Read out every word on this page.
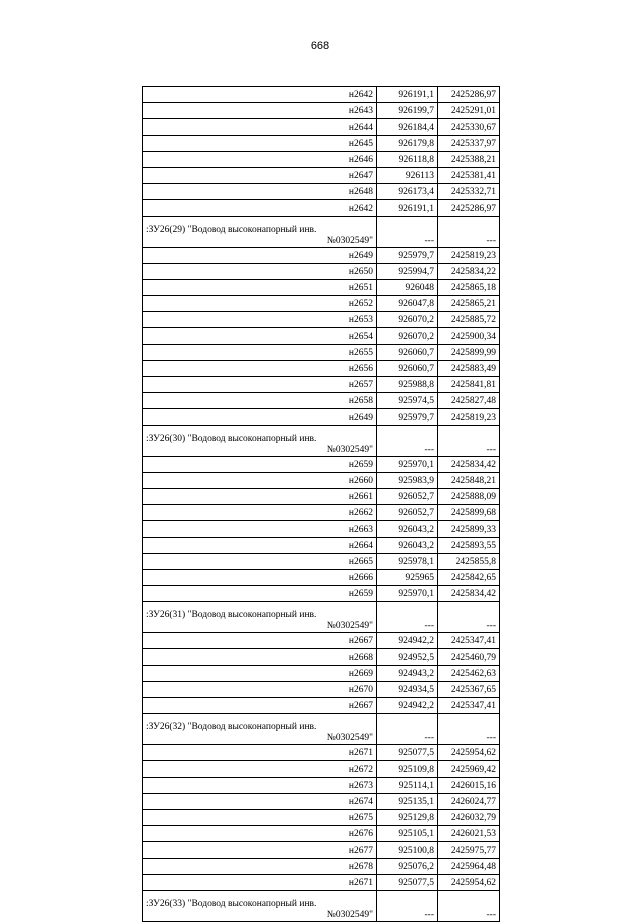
668
н2642	926191,1	2425286,97
н2643	926199,7	2425291,01
н2644	926184,4	2425330,67
н2645	926179,8	2425337,97
н2646	926118,8	2425388,21
н2647	926113	2425381,41
н2648	926173,4	2425332,71
н2642	926191,1	2425286,97

:ЗУ26(29) "Водовод высоконапорный инв.
№0302549"	---	---
н2649	925979,7	2425819,23
н2650	925994,7	2425834,22
н2651	926048	2425865,18
н2652	926047,8	2425865,21
н2653	926070,2	2425885,72
н2654	926070,2	2425900,34
н2655	926060,7	2425899,99
н2656	926060,7	2425883,49
н2657	925988,8	2425841,81
н2658	925974,5	2425827,48
н2649	925979,7	2425819,23

:ЗУ26(30) "Водовод высоконапорный инв.
№0302549"	---	---
н2659	925970,1	2425834,42
н2660	925983,9	2425848,21
н2661	926052,7	2425888,09
н2662	926052,7	2425899,68
н2663	926043,2	2425899,33
н2664	926043,2	2425893,55
н2665	925978,1	2425855,8
н2666	925965	2425842,65
н2659	925970,1	2425834,42

:ЗУ26(31) "Водовод высоконапорный инв.
№0302549"	---	---
н2667	924942,2	2425347,41
н2668	924952,5	2425460,79
н2669	924943,2	2425462,63
н2670	924934,5	2425367,65
н2667	924942,2	2425347,41

:ЗУ26(32) "Водовод высоконапорный инв.
№0302549"	---	---
н2671	925077,5	2425954,62
н2672	925109,8	2425969,42
н2673	925114,1	2426015,16
н2674	925135,1	2426024,77
н2675	925129,8	2426032,79
н2676	925105,1	2426021,53
н2677	925100,8	2425975,77
н2678	925076,2	2425964,48
н2671	925077,5	2425954,62

:ЗУ26(33) "Водовод высоконапорный инв.
№0302549"	---	---
